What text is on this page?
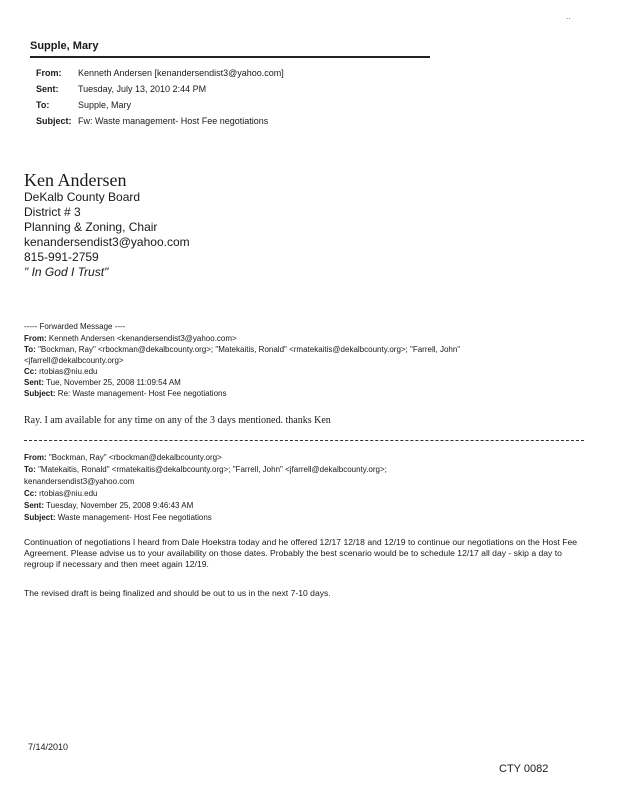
..
Supple, Mary
From: Kenneth Andersen [kenandersendist3@yahoo.com]
Sent: Tuesday, July 13, 2010 2:44 PM
To:	Supple, Mary
Subject: Fw: Waste management- Host Fee negotiations
Ken Andersen
DeKalb County Board
District # 3
Planning & Zoning, Chair
kenandersendist3@yahoo.com
815-991-2759
" In God I Trust"
----- Forwarded Message ----
From: Kenneth Andersen <kenandersendist3@yahoo.com>
To: "Bockman, Ray" <rbockman@dekalbcounty.org>; "Matekaitis, Ronald" <rmatekaitis@dekalbcounty.org>; "Farrell, John"
<jfarrell@dekalbcounty.org>
Cc: rtobias@niu.edu
Sent: Tue, November 25, 2008 11:09:54 AM
Subject: Re: Waste management- Host Fee negotiations
Ray. I am available for any time on any of the 3 days mentioned. thanks Ken
From: "Bockman, Ray" <rbockman@dekalbcounty.org>
To: "Matekaitis, Ronald" <rmatekaitis@dekalbcounty.org>; "Farrell, John" <jfarrell@dekalbcounty.org>;
kenandersendist3@yahoo.com
Cc: rtobias@niu.edu
Sent: Tuesday, November 25, 2008 9:46:43 AM
Subject: Waste management- Host Fee negotiations
Continuation of negotiations I heard from Dale Hoekstra today and he offered 12/17 12/18 and 12/19 to continue our negotiations on the Host Fee Agreement. Please advise us to your availability on those dates. Probably the best scenario would be to schedule 12/17 all day - skip a day to regroup if necessary and then meet again 12/19.
The revised draft is being finalized and should be out to us in the next 7-10 days.
7/14/2010
CTY 0082
